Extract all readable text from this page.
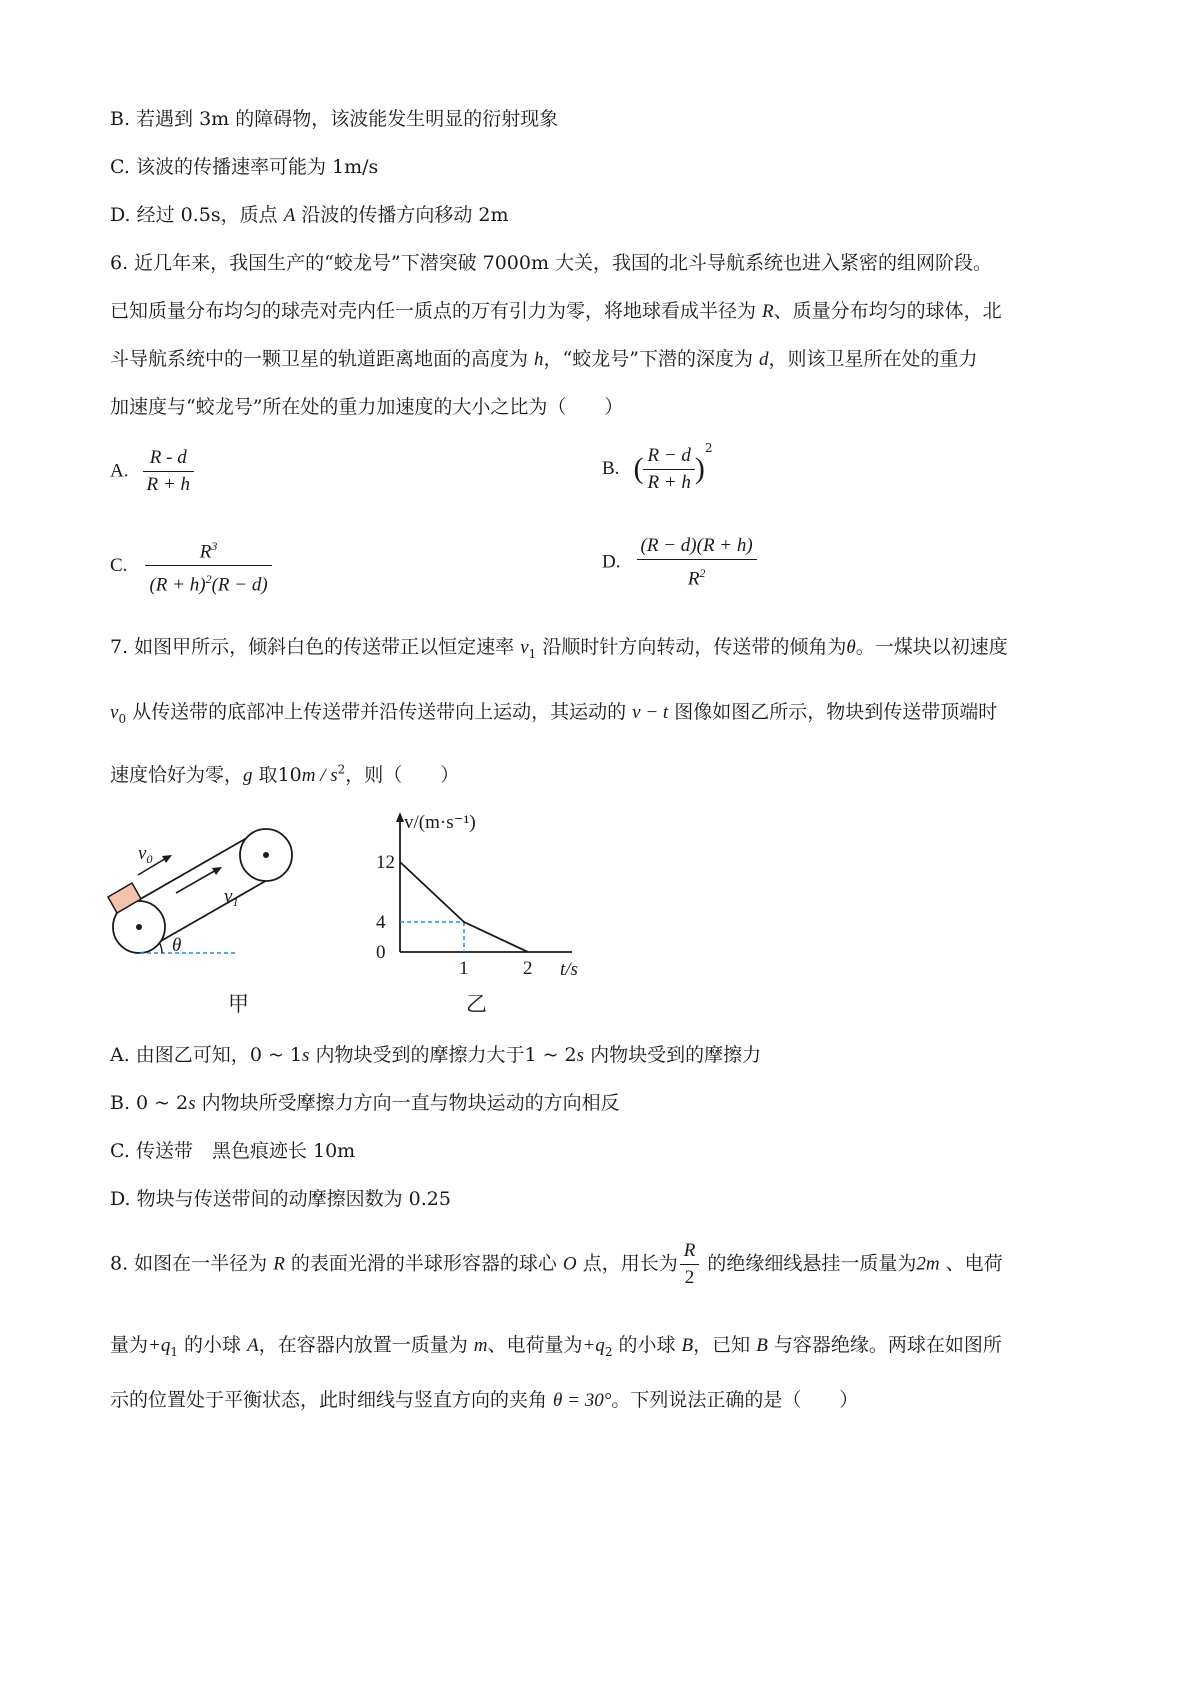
B. 若遇到 3m 的障碍物，该波能发生明显的衍射现象
C. 该波的传播速率可能为 1m/s
D. 经过 0.5s，质点 A 沿波的传播方向移动 2m
6. 近几年来，我国生产的“蛟龙号”下潜突破 7000m 大关，我国的北斗导航系统也进入紧密的组网阶段。
已知质量分布均匀的球壳对壳内任一质点的万有引力为零，将地球看成半径为 R、质量分布均匀的球体，北
斗导航系统中的一颗卫星的轨道距离地面的高度为 h，“蛟龙号”下潜的深度为 d，则该卫星所在处的重力
加速度与“蛟龙号”所在处的重力加速度的大小之比为（　　）
A. $\frac{R - d}{R + h}$	B. ( $\frac{R - d}{R + h} )^2$
C. $\frac{R^3}{(R + h)^2(R - d)}$	D. $\frac{(R - d)(R + h)}{R^2}$
7. 如图甲所示，倾斜白色的传送带正以恒定速率 $v_1$ 沿顺时针方向转动，传送带的倾角为θ。一煤块以初速度
$v_0$ 从传送带的底部冲上传送带并沿传送带向上运动，其运动的 v − t 图像如图乙所示，物块到传送带顶端时
速度恰好为零，g 取$10m / s^2$，则（　　）
$v_0$
$v_1$
θ
甲
v/(m·s⁻¹)
t/s
12
4
0
1	2
乙
A. 由图乙可知，0 ~ 1s 内物块受到的摩擦力大于1 ~ 2s 内物块受到的摩擦力
B. 0 ~ 2s 内物块所受摩擦力方向一直与物块运动的方向相反
C. 传送带　黑色痕迹长 10m
D. 物块与传送带间的动摩擦因数为 0.25
8. 如图在一半径为 R 的表面光滑的半球形容器的球心 O 点，用长为 $\frac{R}{2}$ 的绝缘细线悬挂一质量为2m 、电荷
量为$+q_1$ 的小球 A，在容器内放置一质量为 m、电荷量为$+q_2$ 的小球 B，已知 B 与容器绝缘。两球在如图所
示的位置处于平衡状态，此时细线与竖直方向的夹角 θ = 30°。下列说法正确的是（　　）
